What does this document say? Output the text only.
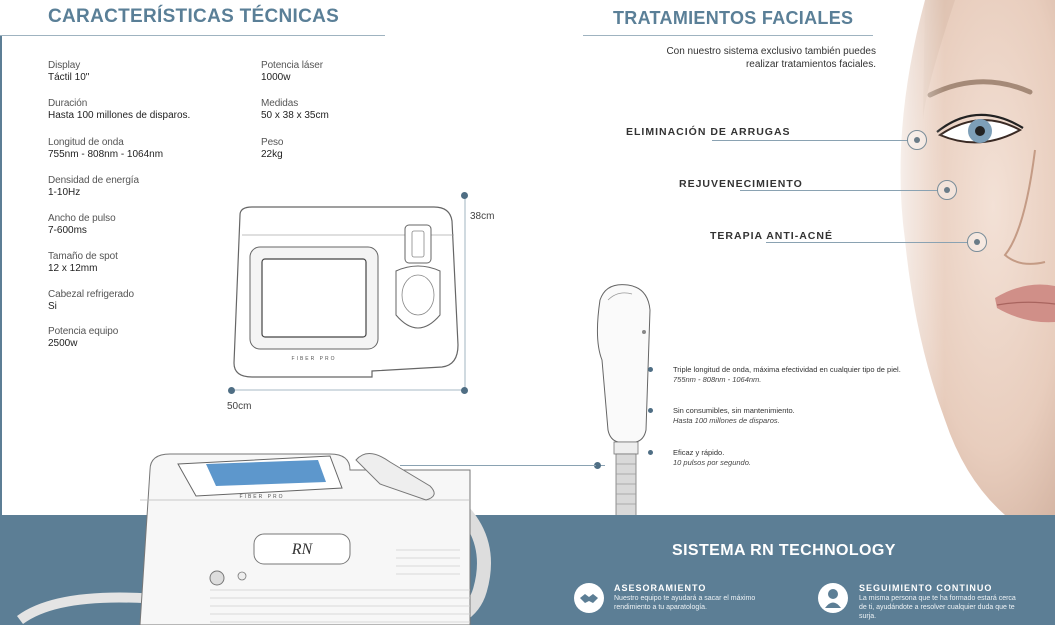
CARACTERÍSTICAS TÉCNICAS
Display
Táctil 10"
Duración
Hasta 100 millones de disparos.
Longitud de onda
755nm - 808nm - 1064nm
Densidad de energía
1-10Hz
Ancho de pulso
7-600ms
Tamaño de spot
12 x 12mm
Cabezal refrigerado
Si
Potencia equipo
2500w
Potencia láser
1000w
Medidas
50 x 38 x 35cm
Peso
22kg
FIBER PRO
38cm
50cm
TRATAMIENTOS FACIALES
Con nuestro sistema exclusivo también puedes
realizar tratamientos faciales.
ELIMINACIÓN DE ARRUGAS
REJUVENECIMIENTO
TERAPIA ANTI-ACNÉ
Triple longitud de onda, máxima efectividad en cualquier tipo de piel.
755nm - 808nm - 1064nm.
Sin consumibles, sin mantenimiento.
Hasta 100 millones de disparos.
Eficaz y rápido.
10 pulsos por segundo.
FIBER PRO
RN	SISTEMA RN TECHNOLOGY
ASESORAMIENTO
Nuestro equipo te ayudará a sacar el máximo
rendimiento a tu aparatología.
SEGUIMIENTO CONTINUO
La misma persona que te ha formado estará cerca
de ti, ayudándote a resolver cualquier duda que te
surja.
